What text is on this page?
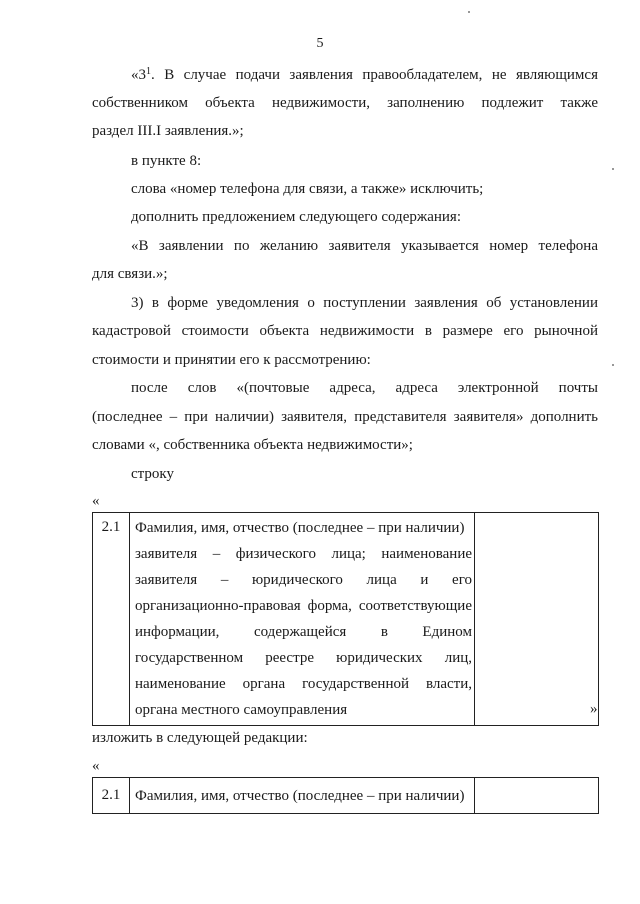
5
«$3^1$. В случае подачи заявления правообладателем, не являющимся
собственником объекта недвижимости, заполнению подлежит также
раздел III.I заявления.»;
в пункте 8:
слова «номер телефона для связи, а также» исключить;
дополнить предложением следующего содержания:
«В заявлении по желанию заявителя указывается номер телефона
для связи.»;
3) в форме уведомления о поступлении заявления об установлении
кадастровой стоимости объекта недвижимости в размере его рыночной
стоимости и принятии его к рассмотрению:
после слов «(почтовые адреса, адреса электронной почты
(последнее – при наличии) заявителя, представителя заявителя» дополнить
словами «, собственника объекта недвижимости»;
строку
«
2.1	Фамилия, имя, отчество (последнее – при наличии)
заявителя – физического лица; наименование
заявителя – юридического лица и его
организационно-правовая форма, соответствующие
информации, содержащейся в Едином
государственном реестре юридических лиц,
наименование органа государственной власти,
органа местного самоуправления
		»
изложить в следующей редакции:
«
2.1	Фамилия, имя, отчество (последнее – при наличии)
